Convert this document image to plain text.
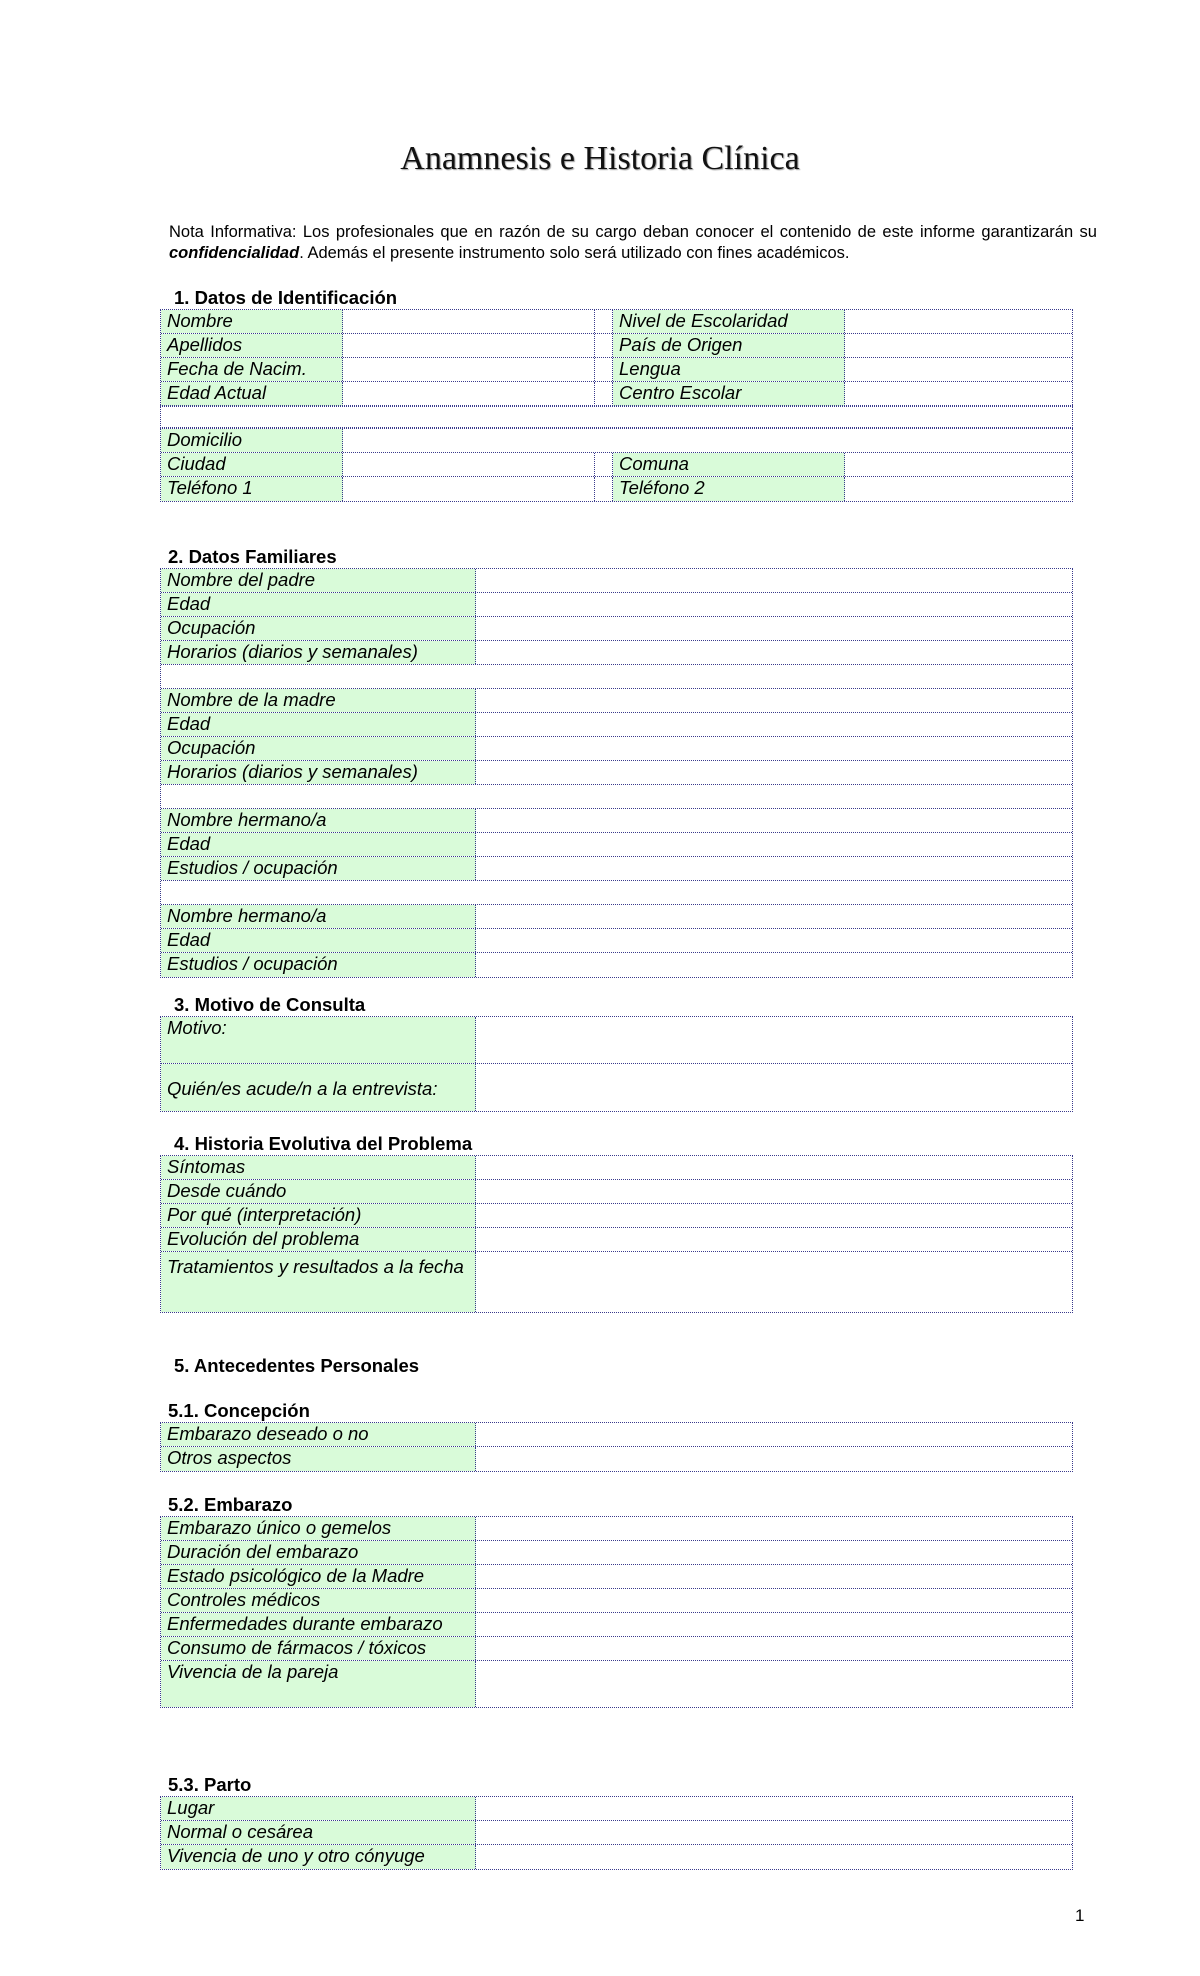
Anamnesis e Historia Clínica
Nota Informativa: Los profesionales que en razón de su cargo deban conocer el contenido de este informe garantizarán su confidencialidad. Además el presente instrumento solo será utilizado con fines académicos.
1. Datos de Identificación
Nombre	Nivel de Escolaridad
Apellidos	País de Origen
Fecha de Nacim.	Lengua
Edad Actual	Centro Escolar
Domicilio
Ciudad	Comuna
Teléfono 1	Teléfono 2
2. Datos Familiares
Nombre del padre
Edad
Ocupación
Horarios (diarios y semanales)
Nombre de la madre
Edad
Ocupación
Horarios (diarios y semanales)
Nombre hermano/a
Edad
Estudios / ocupación
Nombre hermano/a
Edad
Estudios / ocupación
3. Motivo de Consulta
Motivo:
Quién/es acude/n a la entrevista:
4. Historia Evolutiva del Problema
Síntomas
Desde cuándo
Por qué (interpretación)
Evolución del problema
Tratamientos y resultados a la fecha
5. Antecedentes Personales
5.1. Concepción
Embarazo deseado o no
Otros aspectos
5.2. Embarazo
Embarazo único o gemelos
Duración del embarazo
Estado psicológico de la Madre
Controles médicos
Enfermedades durante embarazo
Consumo de fármacos / tóxicos
Vivencia de la pareja
5.3. Parto
Lugar
Normal o cesárea
Vivencia de uno y otro cónyuge
1
